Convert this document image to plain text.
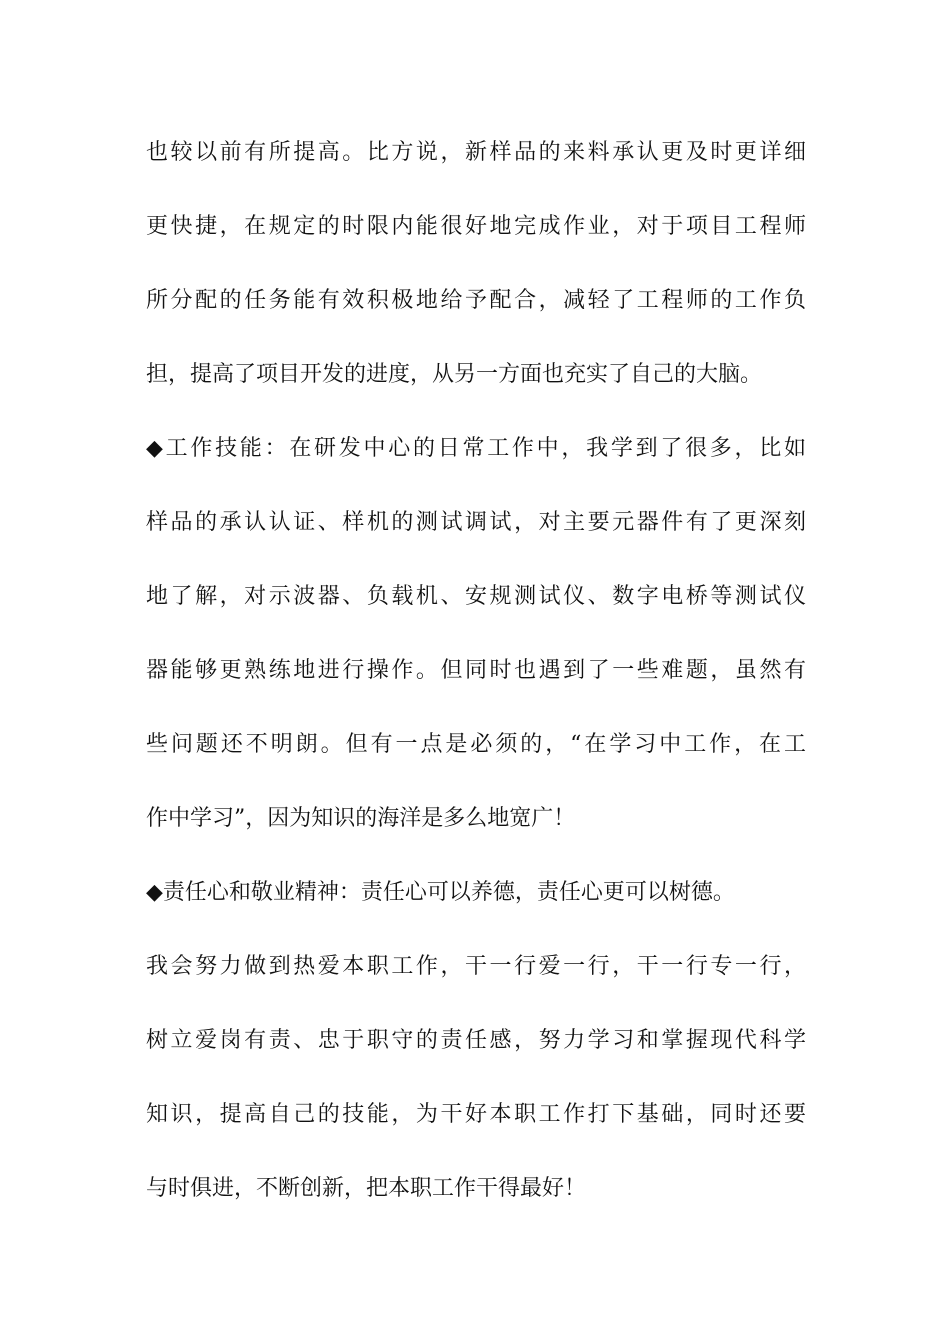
也较以前有所提高。比方说，新样品的来料承认更及时更详细
更快捷，在规定的时限内能很好地完成作业，对于项目工程师
所分配的任务能有效积极地给予配合，减轻了工程师的工作负
担，提高了项目开发的进度，从另一方面也充实了自己的大脑。
◆工作技能：在研发中心的日常工作中，我学到了很多，比如
样品的承认认证、样机的测试调试，对主要元器件有了更深刻
地了解，对示波器、负载机、安规测试仪、数字电桥等测试仪
器能够更熟练地进行操作。但同时也遇到了一些难题，虽然有
些问题还不明朗。但有一点是必须的，“在学习中工作，在工
作中学习”，因为知识的海洋是多么地宽广！
◆责任心和敬业精神：责任心可以养德，责任心更可以树德。
我会努力做到热爱本职工作，干一行爱一行，干一行专一行，
树立爱岗有责、忠于职守的责任感，努力学习和掌握现代科学
知识，提高自己的技能，为干好本职工作打下基础，同时还要
与时俱进，不断创新，把本职工作干得最好！
